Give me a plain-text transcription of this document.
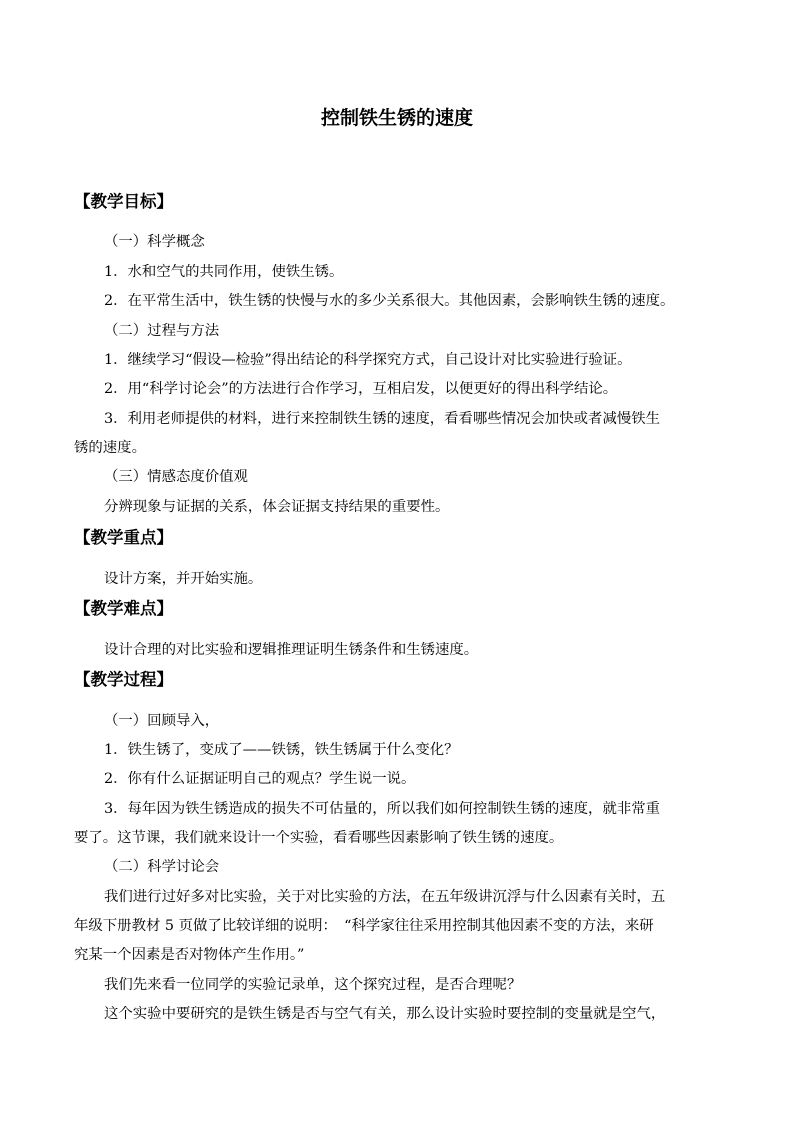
控制铁生锈的速度
【教学目标】
（一）科学概念
1．水和空气的共同作用，使铁生锈。
2．在平常生活中，铁生锈的快慢与水的多少关系很大。其他因素，会影响铁生锈的速度。
（二）过程与方法
1．继续学习“假设—检验”得出结论的科学探究方式，自己设计对比实验进行验证。
2．用“科学讨论会”的方法进行合作学习，互相启发，以便更好的得出科学结论。
3．利用老师提供的材料，进行来控制铁生锈的速度，看看哪些情况会加快或者减慢铁生
锈的速度。
（三）情感态度价值观
分辨现象与证据的关系，体会证据支持结果的重要性。
【教学重点】
设计方案，并开始实施。
【教学难点】
设计合理的对比实验和逻辑推理证明生锈条件和生锈速度。
【教学过程】
（一）回顾导入，
1．铁生锈了，变成了——铁锈，铁生锈属于什么变化？
2．你有什么证据证明自己的观点？学生说一说。
3．每年因为铁生锈造成的损失不可估量的，所以我们如何控制铁生锈的速度，就非常重
要了。这节课，我们就来设计一个实验，看看哪些因素影响了铁生锈的速度。
（二）科学讨论会
我们进行过好多对比实验，关于对比实验的方法，在五年级讲沉浮与什么因素有关时，五
年级下册教材 5 页做了比较详细的说明：　“科学家往往采用控制其他因素不变的方法，来研
究某一个因素是否对物体产生作用。”
我们先来看一位同学的实验记录单，这个探究过程，是否合理呢？
这个实验中要研究的是铁生锈是否与空气有关，那么设计实验时要控制的变量就是空气，
